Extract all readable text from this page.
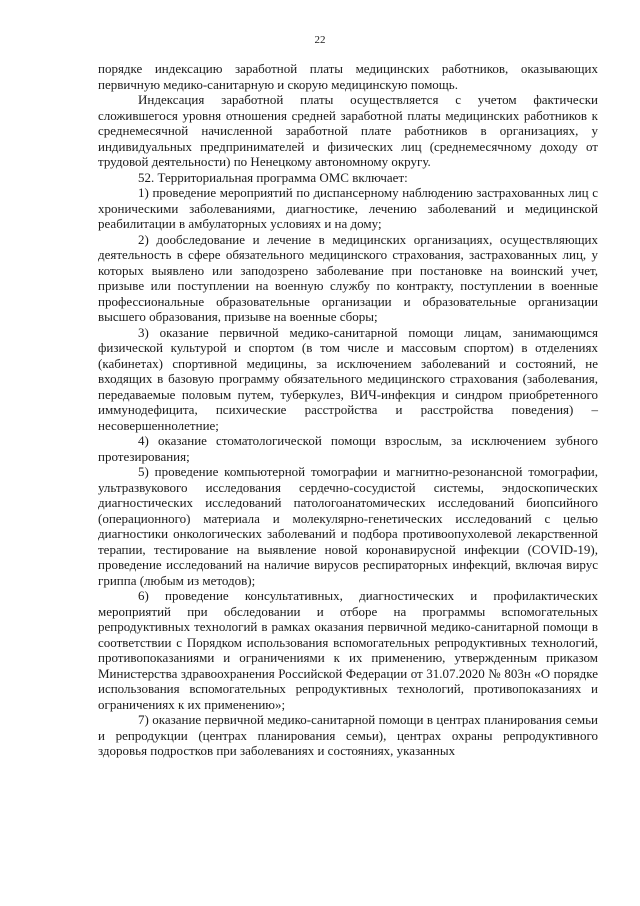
22

порядке индексацию заработной платы медицинских работников, оказывающих первичную медико-санитарную и скорую медицинскую помощь.

Индексация заработной платы осуществляется с учетом фактически сложившегося уровня отношения средней заработной платы медицинских работников к среднемесячной начисленной заработной плате работников в организациях, у индивидуальных предпринимателей и физических лиц (среднемесячному доходу от трудовой деятельности) по Ненецкому автономному округу.

52. Территориальная программа ОМС включает:

1) проведение мероприятий по диспансерному наблюдению застрахованных лиц с хроническими заболеваниями, диагностике, лечению заболеваний и медицинской реабилитации в амбулаторных условиях и на дому;

2) дообследование и лечение в медицинских организациях, осуществляющих деятельность в сфере обязательного медицинского страхования, застрахованных лиц, у которых выявлено или заподозрено заболевание при постановке на воинский учет, призыве или поступлении на военную службу по контракту, поступлении в военные профессиональные образовательные организации и образовательные организации высшего образования, призыве на военные сборы;

3) оказание первичной медико-санитарной помощи лицам, занимающимся физической культурой и спортом (в том числе и массовым спортом) в отделениях (кабинетах) спортивной медицины, за исключением заболеваний и состояний, не входящих в базовую программу обязательного медицинского страхования (заболевания, передаваемые половым путем, туберкулез, ВИЧ-инфекция и синдром приобретенного иммунодефицита, психические расстройства и расстройства поведения) – несовершеннолетние;

4) оказание стоматологической помощи взрослым, за исключением зубного протезирования;

5) проведение компьютерной томографии и магнитно-резонансной томографии, ультразвукового исследования сердечно-сосудистой системы, эндоскопических диагностических исследований патологоанатомических исследований биопсийного (операционного) материала и молекулярно-генетических исследований с целью диагностики онкологических заболеваний и подбора противоопухолевой лекарственной терапии, тестирование на выявление новой коронавирусной инфекции (COVID-19), проведение исследований на наличие вирусов респираторных инфекций, включая вирус гриппа (любым из методов);

6) проведение консультативных, диагностических и профилактических мероприятий при обследовании и отборе на программы вспомогательных репродуктивных технологий в рамках оказания первичной медико-санитарной помощи в соответствии с Порядком использования вспомогательных репродуктивных технологий, противопоказаниями и ограничениями к их применению, утвержденным приказом Министерства здравоохранения Российской Федерации от 31.07.2020 № 803н «О порядке использования вспомогательных репродуктивных технологий, противопоказаниях и ограничениях к их применению»;

7) оказание первичной медико-санитарной помощи в центрах планирования семьи и репродукции (центрах планирования семьи), центрах охраны репродуктивного здоровья подростков при заболеваниях и состояниях, указанных
